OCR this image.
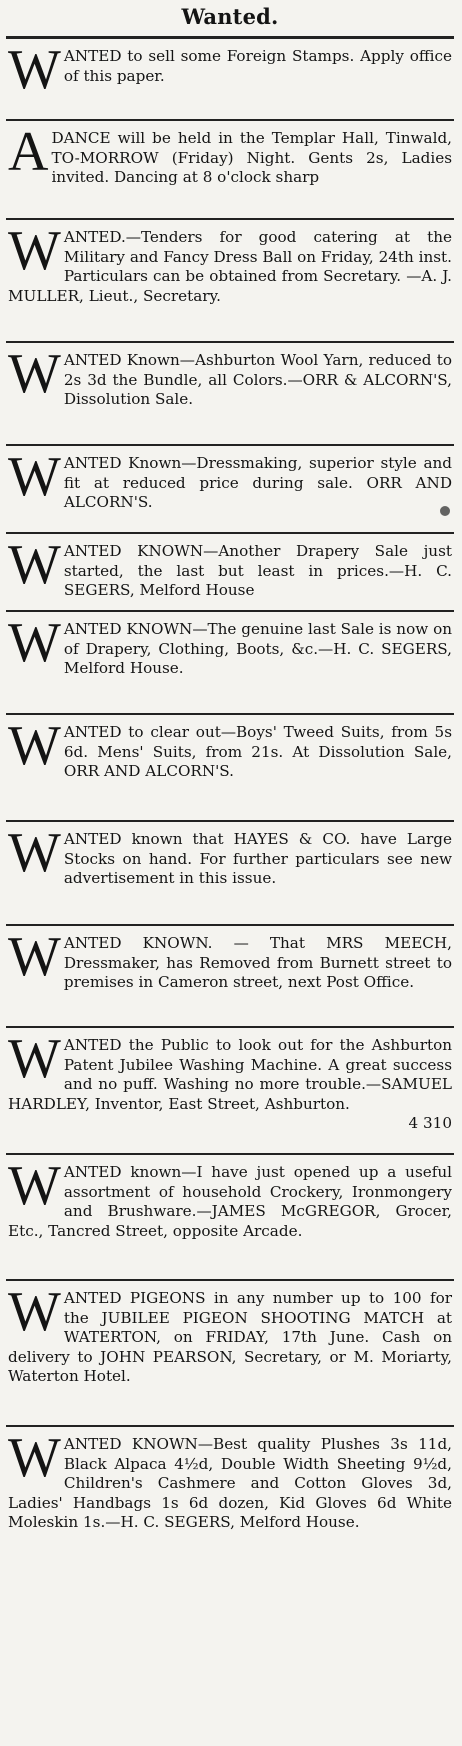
Wanted.
W ANTED to sell some Foreign Stamps. Apply office of this paper.
A DANCE will be held in the Templar Hall, Tinwald, TO-MORROW (Friday) Night. Gents 2s, Ladies invited. Dancing at 8 o'clock sharp
W ANTED.—Tenders for good catering at the Military and Fancy Dress Ball on Friday, 24th inst. Particulars can be obtained from Secretary. —A. J. MULLER, Lieut., Secretary.
W ANTED Known—Ashburton Wool Yarn, reduced to 2s 3d the Bundle, all Colors.—ORR & ALCORN'S, Dissolution Sale.
W ANTED Known—Dressmaking, superior style and fit at reduced price during sale. ORR AND ALCORN'S.
W ANTED KNOWN—Another Drapery Sale just started, the last but least in prices.—H. C. SEGERS, Melford House
W ANTED KNOWN—The genuine last Sale is now on of Drapery, Clothing, Boots, &c.—H. C. SEGERS, Melford House.
W ANTED to clear out—Boys' Tweed Suits, from 5s 6d. Mens' Suits, from 21s. At Dissolution Sale, ORR AND ALCORN'S.
W ANTED known that HAYES & CO. have Large Stocks on hand. For further particulars see new advertisement in this issue.
W ANTED KNOWN. — That MRS MEECH, Dressmaker, has Removed from Burnett street to premises in Cameron street, next Post Office.
W ANTED the Public to look out for the Ashburton Patent Jubilee Washing Machine. A great success and no puff. Washing no more trouble.—SAMUEL HARDLEY, Inventor, East Street, Ashburton.
4 310
W ANTED known—I have just opened up a useful assortment of household Crockery, Ironmongery and Brushware.—JAMES McGREGOR, Grocer, Etc., Tancred Street, opposite Arcade.
W ANTED PIGEONS in any number up to 100 for the JUBILEE PIGEON SHOOTING MATCH at WATERTON, on FRIDAY, 17th June. Cash on delivery to JOHN PEARSON, Secretary, or M. Moriarty, Waterton Hotel.
W ANTED KNOWN—Best quality Plushes 3s 11d, Black Alpaca 4½d, Double Width Sheeting 9½d, Children's Cashmere and Cotton Gloves 3d, Ladies' Handbags 1s 6d dozen, Kid Gloves 6d White Moleskin 1s.—H. C. SEGERS, Melford House.
